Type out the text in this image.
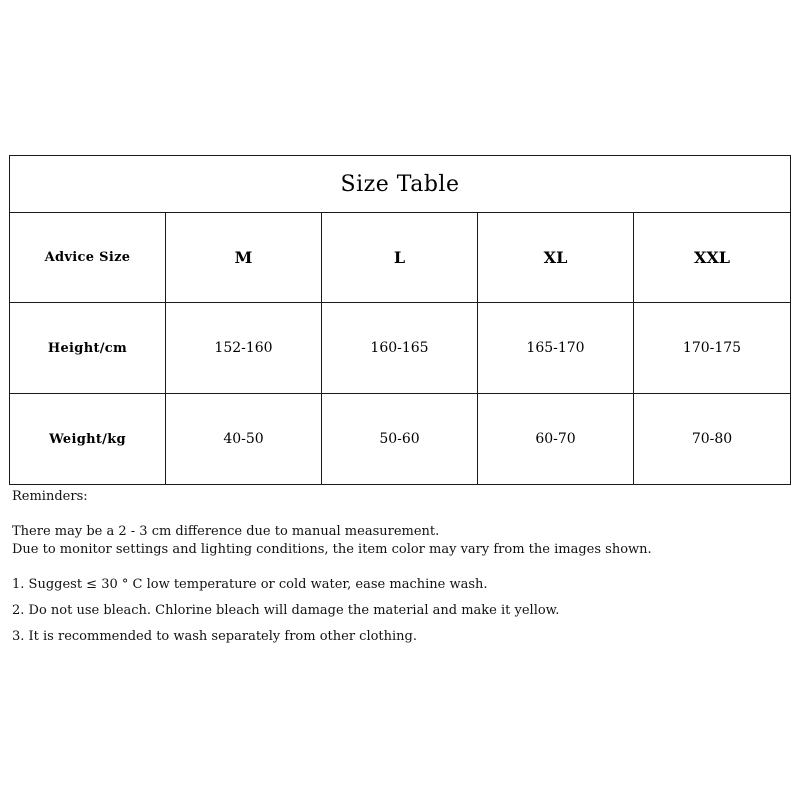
Size Table				
Advice Size	M	L	XL	XXL
Height/cm	152-160	160-165	165-170	170-175
Weight/kg	40-50	50-60	60-70	70-80

Reminders:

There may be a 2 - 3 cm difference due to manual measurement.

Due to monitor settings and lighting conditions, the item color may vary from the images shown.

1. Suggest ≤ 30 ° C low temperature or cold water, ease machine wash.

2. Do not use bleach. Chlorine bleach will damage the material and make it yellow.

3. It is recommended to wash separately from other clothing.
